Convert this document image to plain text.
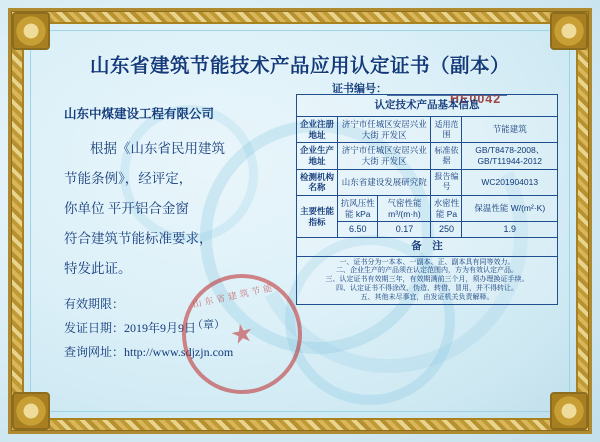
山东省建筑节能技术产品应用认定证书（副本）
证书编号：
HE0042
山东中煤建设工程有限公司
根据《山东省民用建筑
节能条例》，经评定，
你单位 平开铝合金窗
符合建筑节能标准要求，
特发此证。
有效期限：
发证日期：2019年9月9日
查询网址：http://www.sdjzjn.com
（章）
山东省建筑节能
★
认定技术产品基本信息				
企业注册地址	济宁市任城区安居兴业大街 开发区		适用范围	节能建筑
企业生产地址	济宁市任城区安居兴业大街 开发区		标准依据	GB/T8478-2008、 GB/T11944-2012
检测机构名称	山东省建设发展研究院		报告编号	WC201904013
主要性能指标	抗风压性能 kPa	气密性能 m³/(m·h)	水密性能 Pa	保温性能 W/(m²·K)
	6.50	0.17	250	1.9
备　注				

一、证书分为一本本、一副本、正、副本具有同等效力。
二、企业生产的产品须在认定范围内，方为有效认定产品。
三、认定证书有效期三年，有效期满前三个月，须办理换证手续。
四、认定证书不得涂改、伪造、转借、冒用，并不得转让。
五、其他未尽事宜，由发证机关负责解释。				
